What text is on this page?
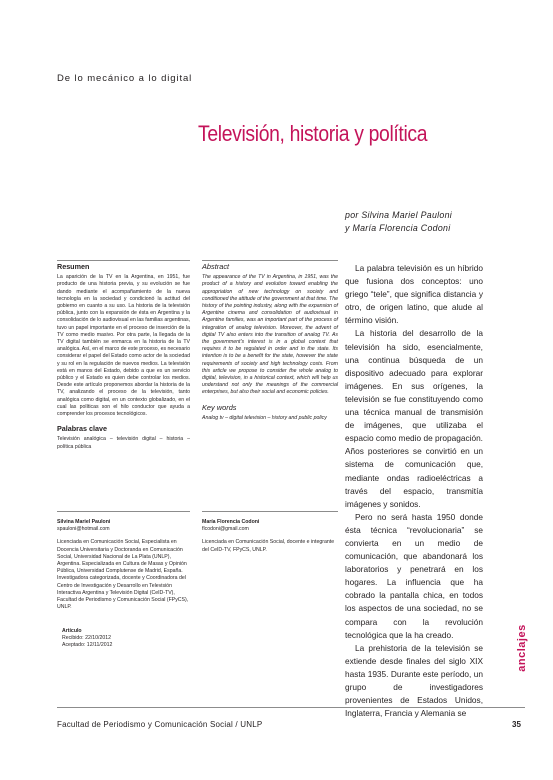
De lo mecánico a lo digital
Televisión, historia y política
por Silvina Mariel Pauloni
y María Florencia Codoni
Resumen

La aparición de la TV en la Argentina, en 1951, fue producto de una historia previa, y su evolución se fue dando mediante el acompañamiento de la nueva tecnología en la sociedad y condicionó la actitud del gobierno en cuanto a su uso. La historia de la televisión pública, junto con la expansión de ésta en Argentina y la consolidación de lo audiovisual en las familias argentinas, tuvo un papel importante en el proceso de inserción de la TV como medio masivo. Por otra parte, la llegada de la TV digital también se enmarca en la historia de la TV analógica. Así, en el marco de este proceso, es necesario considerar el papel del Estado como actor de la sociedad y su rol en la regulación de nuevos medios. La televisión está en manos del Estado, debido a que es un servicio público y el Estado es quien debe controlar los medios. Desde este artículo proponemos abordar la historia de la TV, analizando el proceso de la televisión, tanto analógica como digital, en un contexto globalizado, en el cual las políticas son el hilo conductor que ayuda a comprender los procesos tecnológicos.

Palabras clave

Televisión analógica – televisión digital – historia – política pública

Abstract

The appearance of the TV in Argentina, in 1951, was the product of a history and evolution toward enabling the appropriation of new technology on society and conditioned the attitude of the government at that time. The history of the pointing industry, along with the expansion of Argentine cinema and consolidation of audiovisual in Argentine families, was an important part of the process of integration of analog television. Moreover, the advent of digital TV also enters into the transition of analog TV. As the government's interest is in a global context that requires it to be regulated in order and in the state. Its intention is to be a benefit for the state, however the state requirements of society and high technology costs. From this article we propose to consider the whole analog to digital, television, in a historical context, which will help us understand not only the meanings of the commercial enterprises, but also their social and economic policies.

Key words

Analog tv – digital television – history and public policy

Silvina Mariel Pauloni

spauloni@hotmail.com

Licenciada en Comunicación Social, Especialista en Docencia Universitaria y Doctoranda en Comunicación Social, Universidad Nacional de La Plata (UNLP), Argentina. Especializada en Cultura de Masas y Opinión Pública, Universidad Complutense de Madrid, España. Investigadora categorizada, docente y Coordinadora del Centro de Investigación y Desarrollo en Televisión Interactiva Argentina y Televisión Digital (CeID-TV), Facultad de Periodismo y Comunicación Social (FPyCS), UNLP.

María Florencia Codoni

flcodoni@gmail.com

Licenciada en Comunicación Social, docente e integrante del CeID-TV, FPyCS, UNLP.

Artículo

Recibido: 22/10/2012

Aceptado: 12/11/2012

La palabra televisión es un híbrido que fusiona dos conceptos: uno griego “tele”, que significa distancia y otro, de origen latino, que alude al término visión.

La historia del desarrollo de la televisión ha sido, esencialmente, una continua búsqueda de un dispositivo adecuado para explorar imágenes. En sus orígenes, la televisión se fue constituyendo como una técnica manual de transmisión de imágenes, que utilizaba el espacio como medio de propagación. Años posteriores se convirtió en un sistema de comunicación que, mediante ondas radioeléctricas a través del espacio, transmitía imágenes y sonidos.

Pero no será hasta 1950 donde ésta técnica “revolucionaria” se convierta en un medio de comunicación, que abandonará los laboratorios y penetrará en los hogares. La influencia que ha cobrado la pantalla chica, en todos los aspectos de una sociedad, no se compara con la revolución tecnológica que la ha creado.

La prehistoria de la televisión se extiende desde finales del siglo XIX hasta 1935. Durante este período, un grupo de investigadores provenientes de Estados Unidos, Inglaterra, Francia y Alemania se

anclajes
Facultad de Periodismo y Comunicación Social / UNLP	35
